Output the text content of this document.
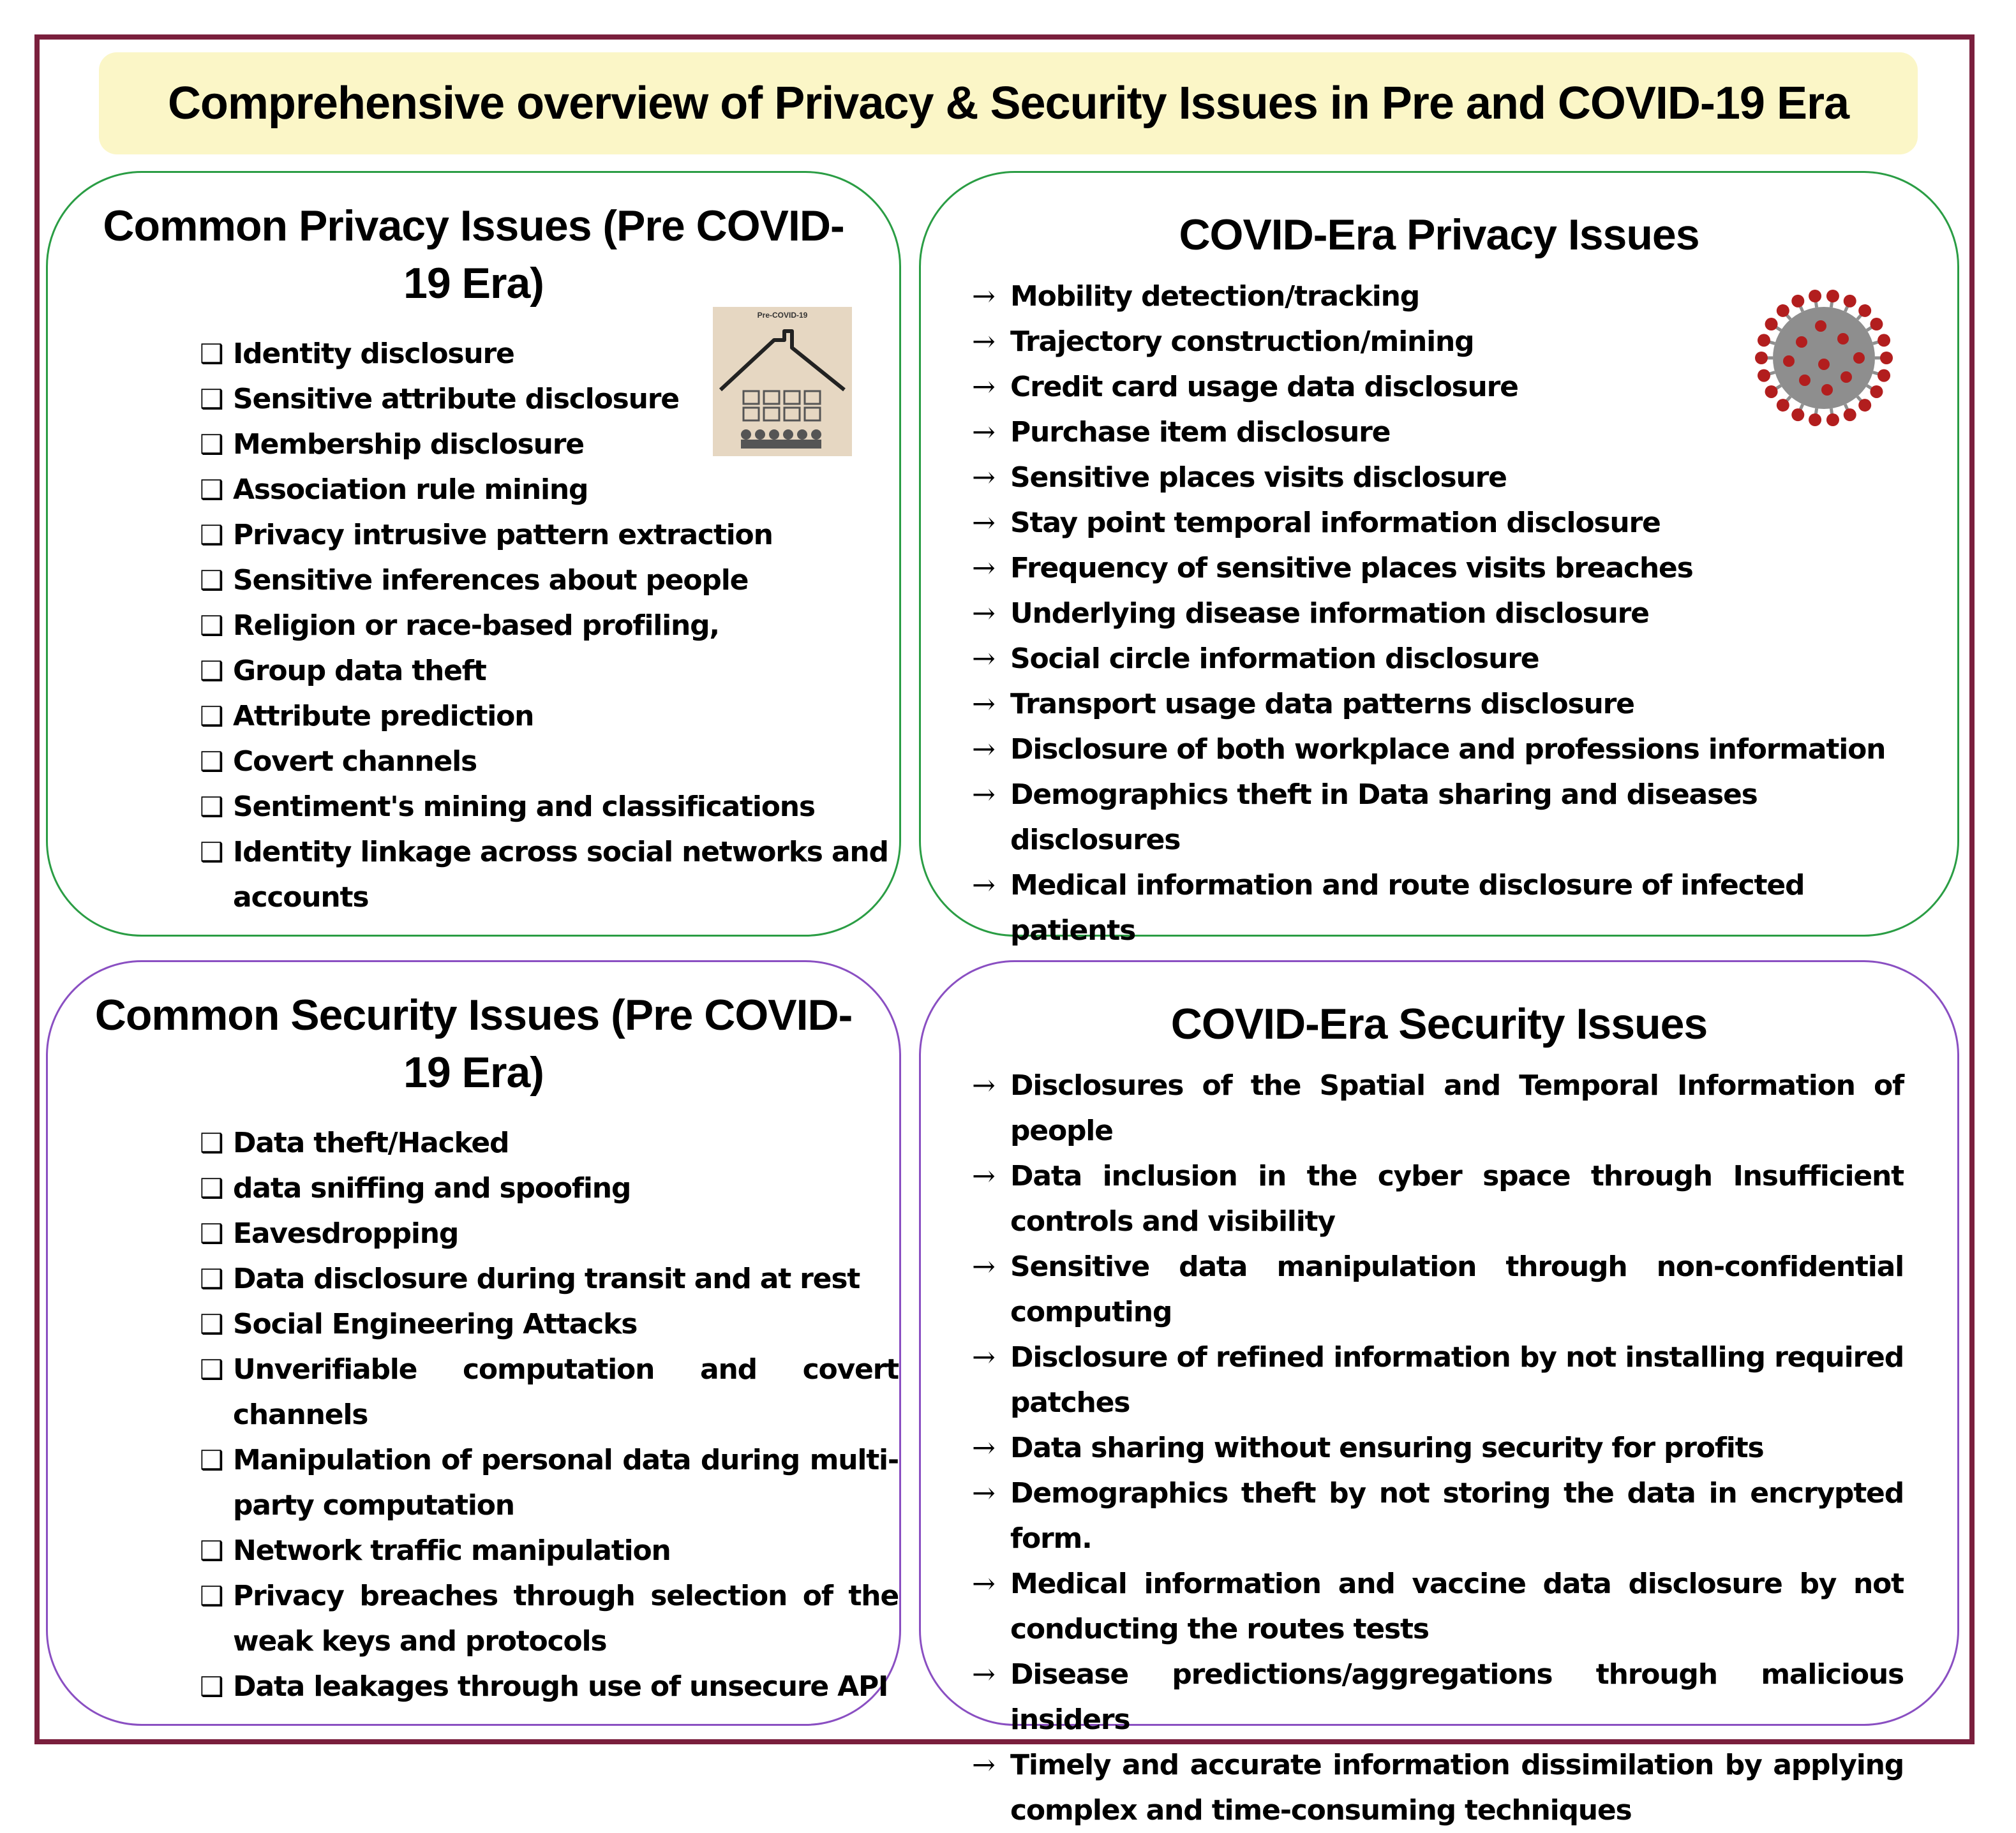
Comprehensive overview of Privacy & Security Issues in Pre and COVID-19 Era
Common Privacy Issues (Pre COVID-19 Era)
Pre-COVID-19
❑ Identity disclosure
❑ Sensitive attribute disclosure
❑ Membership disclosure
❑ Association rule mining
❑ Privacy intrusive pattern extraction
❑ Sensitive inferences about people
❑ Religion or race-based profiling,
❑ Group data theft
❑ Attribute prediction
❑ Covert channels
❑ Sentiment's mining and classifications
❑ Identity linkage across social networks and accounts
COVID-Era Privacy Issues
→ Mobility detection/tracking
→ Trajectory construction/mining
→ Credit card usage data disclosure
→ Purchase item disclosure
→ Sensitive places visits disclosure
→ Stay point temporal information disclosure
→ Frequency of sensitive places visits breaches
→ Underlying disease information disclosure
→ Social circle information disclosure
→ Transport usage data patterns disclosure
→ Disclosure of both workplace and professions information
→ Demographics theft in Data sharing and diseases disclosures
→ Medical information and route disclosure of infected patients
Common Security Issues (Pre COVID-19 Era)
❑ Data theft/Hacked
❑ data sniffing and spoofing
❑ Eavesdropping
❑ Data disclosure during transit and at rest
❑ Social Engineering Attacks
❑ Unverifiable computation and covert channels
❑ Manipulation of personal data during multi-party computation
❑ Network traffic manipulation
❑ Privacy breaches through selection of the weak keys and protocols
❑ Data leakages through use of unsecure API
COVID-Era Security Issues
→ Disclosures of the Spatial and Temporal Information of people
→ Data inclusion in the cyber space through Insufficient controls and visibility
→ Sensitive data manipulation through non-confidential computing
→ Disclosure of refined information by not installing required patches
→ Data sharing without ensuring security for profits
→ Demographics theft by not storing the data in encrypted form.
→ Medical information and vaccine data disclosure by not conducting the routes tests
→ Disease predictions/aggregations through malicious insiders
→ Timely and accurate information dissimilation by applying complex and time-consuming techniques
